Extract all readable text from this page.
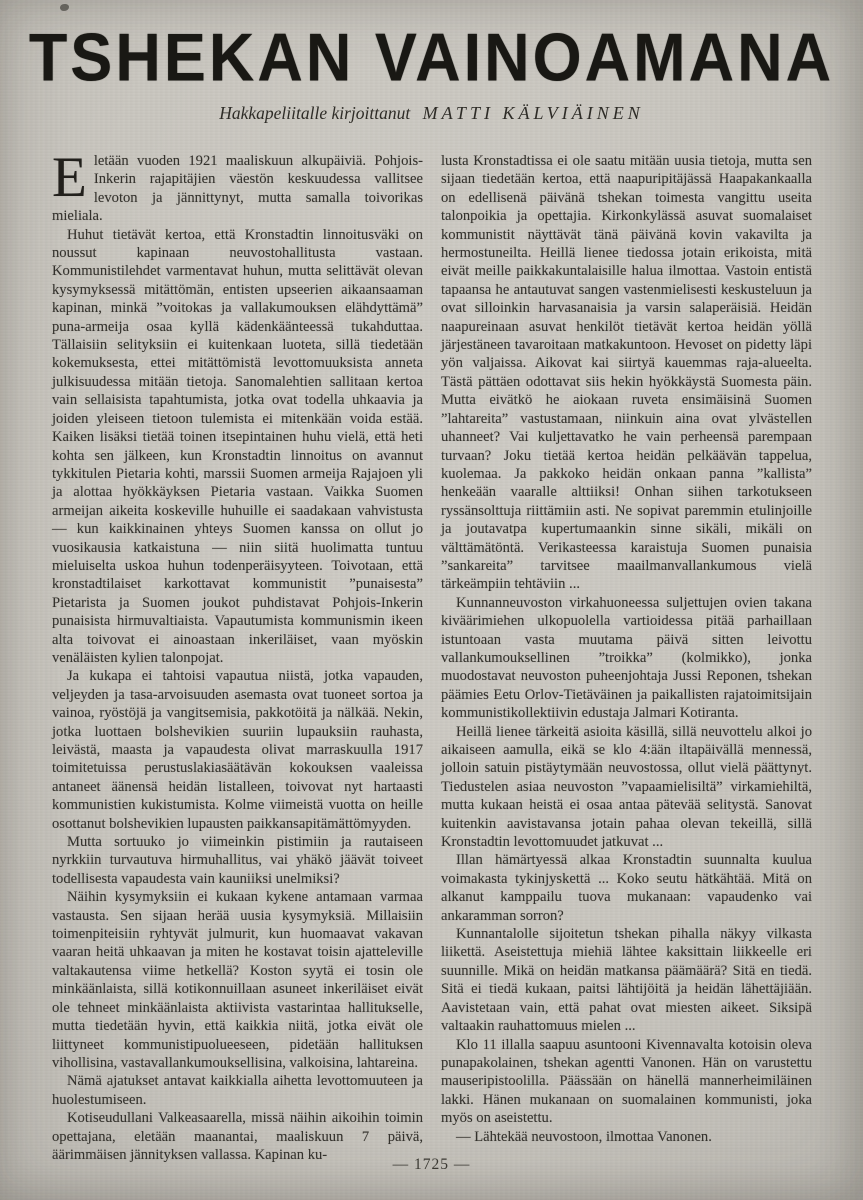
TSHEKAN VAINOAMANA

Hakkapeliitalle kirjoittanut MATTI KÄLVIÄINEN

Eletään vuoden 1921 maaliskuun alkupäiviä. Pohjois-Inkerin rajapitäjien väestön keskuudessa vallitsee levoton ja jännittynyt, mutta samalla toivorikas mieliala.

Huhut tietävät kertoa, että Kronstadtin linnoitusväki on noussut kapinaan neuvostohallitusta vastaan. Kommunistilehdet varmentavat huhun, mutta selittävät olevan kysymyksessä mitättömän, entisten upseerien aikaansaaman kapinan, minkä ”voitokas ja vallakumouksen elähdyttämä” puna-armeija osaa kyllä kädenkäänteessä tukahduttaa. Tällaisiin selityksiin ei kuitenkaan luoteta, sillä tiedetään kokemuksesta, ettei mitättömistä levottomuuksista anneta julkisuudessa mitään tietoja. Sanomalehtien sallitaan kertoa vain sellaisista tapahtumista, jotka ovat todella uhkaavia ja joiden yleiseen tietoon tulemista ei mitenkään voida estää. Kaiken lisäksi tietää toinen itsepintainen huhu vielä, että heti kohta sen jälkeen, kun Kronstadtin linnoitus on avannut tykkitulen Pietaria kohti, marssii Suomen armeija Rajajoen yli ja alottaa hyökkäyksen Pietaria vastaan. Vaikka Suomen armeijan aikeita koskeville huhuille ei saadakaan vahvistusta — kun kaikkinainen yhteys Suomen kanssa on ollut jo vuosikausia katkaistuna — niin siitä huolimatta tuntuu mieluiselta uskoa huhun todenperäisyyteen. Toivotaan, että kronstadtilaiset karkottavat kommunistit ”punaisesta” Pietarista ja Suomen joukot puhdistavat Pohjois-Inkerin punaisista hirmuvaltiaista. Vapautumista kommunismin ikeen alta toivovat ei ainoastaan inkeriläiset, vaan myöskin venäläisten kylien talonpojat.

Ja kukapa ei tahtoisi vapautua niistä, jotka vapauden, veljeyden ja tasa-arvoisuuden asemasta ovat tuoneet sortoa ja vainoa, ryöstöjä ja vangitsemisia, pakkotöitä ja nälkää. Nekin, jotka luottaen bolshevikien suuriin lupauksiin rauhasta, leivästä, maasta ja vapaudesta olivat marraskuulla 1917 toimitetuissa perustuslakiasäätävän kokouksen vaaleissa antaneet äänensä heidän listalleen, toivovat nyt hartaasti kommunistien kukistumista. Kolme viimeistä vuotta on heille osottanut bolshevikien lupausten paikkansapitämättömyyden.

Mutta sortuuko jo viimeinkin pistimiin ja rautaiseen nyrkkiin turvautuva hirmuhallitus, vai yhäkö jäävät toiveet todellisesta vapaudesta vain kauniiksi unelmiksi?

Näihin kysymyksiin ei kukaan kykene antamaan varmaa vastausta. Sen sijaan herää uusia kysymyksiä. Millaisiin toimenpiteisiin ryhtyvät julmurit, kun huomaavat vakavan vaaran heitä uhkaavan ja miten he kostavat toisin ajatteleville valtakautensa viime hetkellä? Koston syytä ei tosin ole minkäänlaista, sillä kotikonnuillaan asuneet inkeriläiset eivät ole tehneet minkäänlaista aktiivista vastarintaa hallitukselle, mutta tiedetään hyvin, että kaikkia niitä, jotka eivät ole liittyneet kommunistipuolueeseen, pidetään hallituksen vihollisina, vastavallankumouksellisina, valkoisina, lahtareina.

Nämä ajatukset antavat kaikkialla aihetta levottomuuteen ja huolestumiseen.

Kotiseudullani Valkeasaarella, missä näihin aikoihin toimin opettajana, eletään maanantai, maaliskuun 7 päivä, äärimmäisen jännityksen vallassa. Kapinan ku-

lusta Kronstadtissa ei ole saatu mitään uusia tietoja, mutta sen sijaan tiedetään kertoa, että naapuripitäjässä Haapakankaalla on edellisenä päivänä tshekan toimesta vangittu useita talonpoikia ja opettajia. Kirkonkylässä asuvat suomalaiset kommunistit näyttävät tänä päivänä kovin vakavilta ja hermostuneilta. Heillä lienee tiedossa jotain erikoista, mitä eivät meille paikkakuntalaisille halua ilmottaa. Vastoin entistä tapaansa he antautuvat sangen vastenmielisesti keskusteluun ja ovat silloinkin harvasanaisia ja varsin salaperäisiä. Heidän naapureinaan asuvat henkilöt tietävät kertoa heidän yöllä järjestäneen tavaroitaan matkakuntoon. Hevoset on pidetty läpi yön valjaissa. Aikovat kai siirtyä kauemmas raja-alueelta. Tästä pättäen odottavat siis hekin hyökkäystä Suomesta päin. Mutta eivätkö he aiokaan ruveta ensimäisinä Suomen ”lahtareita” vastustamaan, niinkuin aina ovat ylvästellen uhanneet? Vai kuljettavatko he vain perheensä parempaan turvaan? Joku tietää kertoa heidän pelkäävän tappelua, kuolemaa. Ja pakkoko heidän onkaan panna ”kallista” henkeään vaaralle alttiiksi! Onhan siihen tarkotukseen ryssänsolttuja riittämiin asti. Ne sopivat paremmin etulinjoille ja joutavatpa kupertumaankin sinne sikäli, mikäli on välttämätöntä. Verikasteessa karaistuja Suomen punaisia ”sankareita” tarvitsee maailmanvallankumous vielä tärkeämpiin tehtäviin ...

Kunnanneuvoston virkahuoneessa suljettujen ovien takana kiväärimiehen ulkopuolella vartioidessa pitää parhaillaan istuntoaan vasta muutama päivä sitten leivottu vallankumouksellinen ”troikka” (kolmikko), jonka muodostavat neuvoston puheenjohtaja Jussi Reponen, tshekan päämies Eetu Orlov-Tietäväinen ja paikallisten rajatoimitsijain kommunistikollektiivin edustaja Jalmari Kotiranta.

Heillä lienee tärkeitä asioita käsillä, sillä neuvottelu alkoi jo aikaiseen aamulla, eikä se klo 4:ään iltapäivällä mennessä, jolloin satuin pistäytymään neuvostossa, ollut vielä päättynyt. Tiedustelen asiaa neuvoston ”vapaamielisiltä” virkamiehiltä, mutta kukaan heistä ei osaa antaa pätevää selitystä. Sanovat kuitenkin aavistavansa jotain pahaa olevan tekeillä, sillä Kronstadtin levottomuudet jatkuvat ...

Illan hämärtyessä alkaa Kronstadtin suunnalta kuulua voimakasta tykinjyskettä ... Koko seutu hätkähtää. Mitä on alkanut kamppailu tuova mukanaan: vapaudenko vai ankaramman sorron?

Kunnantalolle sijoitetun tshekan pihalla näkyy vilkasta liikettä. Aseistettuja miehiä lähtee kaksittain liikkeelle eri suunnille. Mikä on heidän matkansa päämäärä? Sitä en tiedä. Sitä ei tiedä kukaan, paitsi lähtijöitä ja heidän lähettäjiään. Aavistetaan vain, että pahat ovat miesten aikeet. Siksipä valtaakin rauhattomuus mielen ...

Klo 11 illalla saapuu asuntooni Kivennavalta kotoisin oleva punapakolainen, tshekan agentti Vanonen. Hän on varustettu mauseripistoolilla. Päässään on hänellä mannerheimiläinen lakki. Hänen mukanaan on suomalainen kommunisti, joka myös on aseistettu.

— Lähtekää neuvostoon, ilmottaa Vanonen.

— 1725 —
